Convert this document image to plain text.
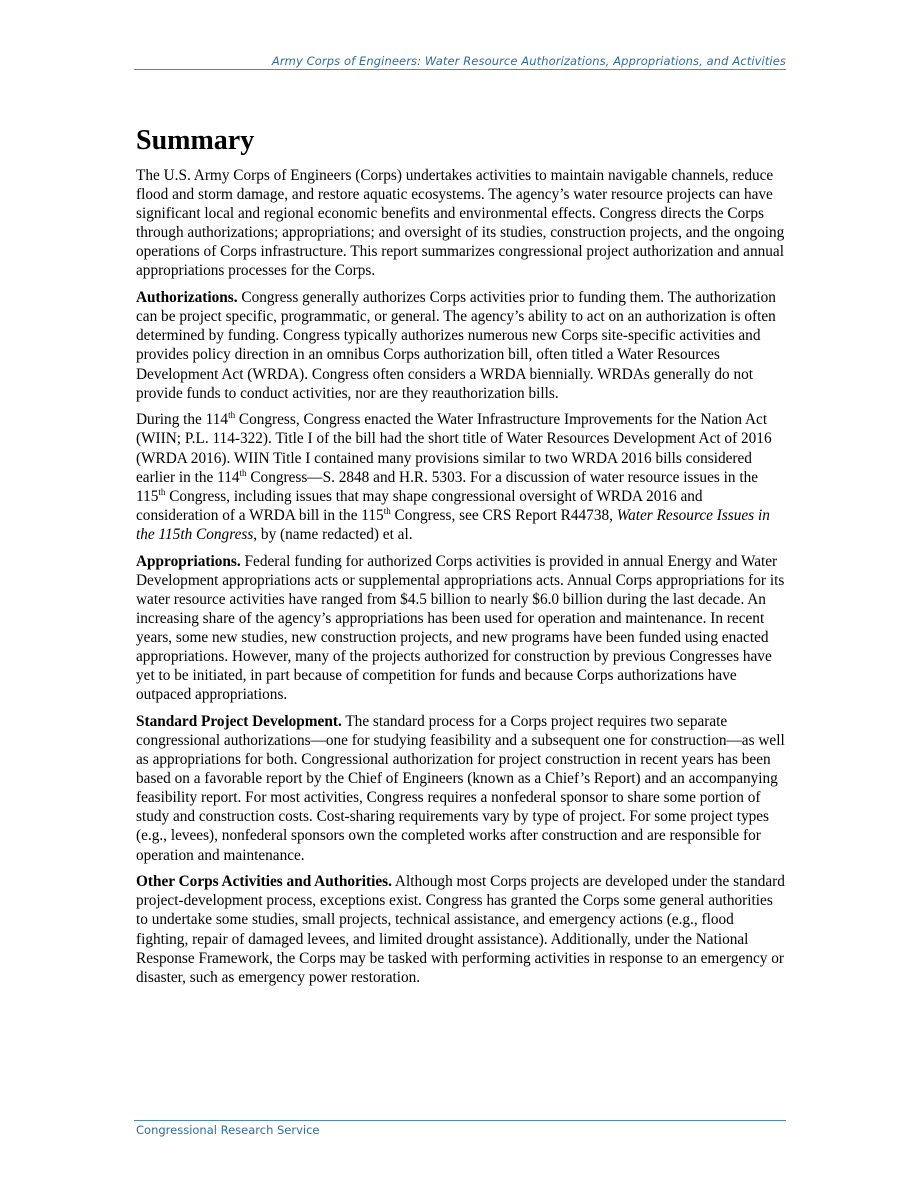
Army Corps of Engineers: Water Resource Authorizations, Appropriations, and Activities
Summary

The U.S. Army Corps of Engineers (Corps) undertakes activities to maintain navigable channels, reduce flood and storm damage, and restore aquatic ecosystems. The agency’s water resource projects can have significant local and regional economic benefits and environmental effects. Congress directs the Corps through authorizations; appropriations; and oversight of its studies, construction projects, and the ongoing operations of Corps infrastructure. This report summarizes congressional project authorization and annual appropriations processes for the Corps.

Authorizations. Congress generally authorizes Corps activities prior to funding them. The authorization can be project specific, programmatic, or general. The agency’s ability to act on an authorization is often determined by funding. Congress typically authorizes numerous new Corps site-specific activities and provides policy direction in an omnibus Corps authorization bill, often titled a Water Resources Development Act (WRDA). Congress often considers a WRDA biennially. WRDAs generally do not provide funds to conduct activities, nor are they reauthorization bills.

During the 114th Congress, Congress enacted the Water Infrastructure Improvements for the Nation Act (WIIN; P.L. 114-322). Title I of the bill had the short title of Water Resources Development Act of 2016 (WRDA 2016). WIIN Title I contained many provisions similar to two WRDA 2016 bills considered earlier in the 114th Congress—S. 2848 and H.R. 5303. For a discussion of water resource issues in the 115th Congress, including issues that may shape congressional oversight of WRDA 2016 and consideration of a WRDA bill in the 115th Congress, see CRS Report R44738, Water Resource Issues in the 115th Congress, by (name redacted) et al.

Appropriations. Federal funding for authorized Corps activities is provided in annual Energy and Water Development appropriations acts or supplemental appropriations acts. Annual Corps appropriations for its water resource activities have ranged from $4.5 billion to nearly $6.0 billion during the last decade. An increasing share of the agency’s appropriations has been used for operation and maintenance. In recent years, some new studies, new construction projects, and new programs have been funded using enacted appropriations. However, many of the projects authorized for construction by previous Congresses have yet to be initiated, in part because of competition for funds and because Corps authorizations have outpaced appropriations.

Standard Project Development. The standard process for a Corps project requires two separate congressional authorizations—one for studying feasibility and a subsequent one for construction—as well as appropriations for both. Congressional authorization for project construction in recent years has been based on a favorable report by the Chief of Engineers (known as a Chief’s Report) and an accompanying feasibility report. For most activities, Congress requires a nonfederal sponsor to share some portion of study and construction costs. Cost-sharing requirements vary by type of project. For some project types (e.g., levees), nonfederal sponsors own the completed works after construction and are responsible for operation and maintenance.

Other Corps Activities and Authorities. Although most Corps projects are developed under the standard project-development process, exceptions exist. Congress has granted the Corps some general authorities to undertake some studies, small projects, technical assistance, and emergency actions (e.g., flood fighting, repair of damaged levees, and limited drought assistance). Additionally, under the National Response Framework, the Corps may be tasked with performing activities in response to an emergency or disaster, such as emergency power restoration.

Congressional Research Service
